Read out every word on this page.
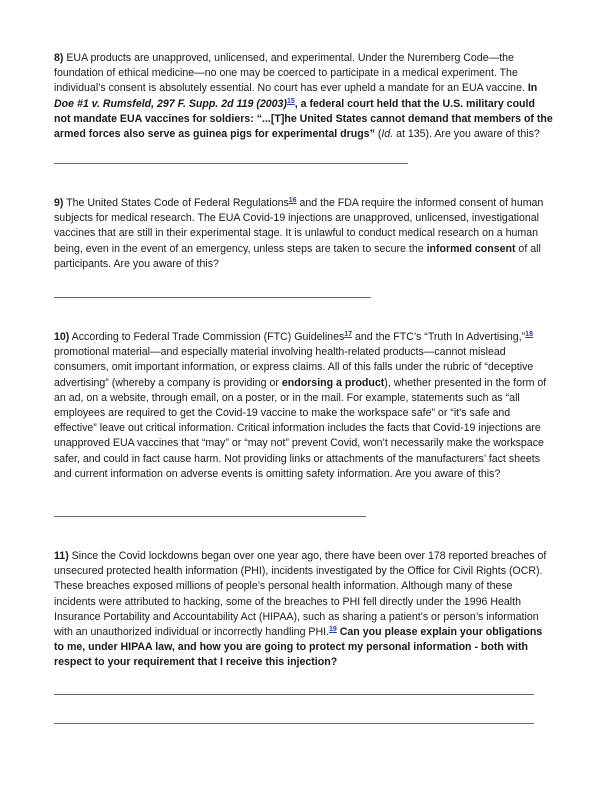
8) EUA products are unapproved, unlicensed, and experimental. Under the Nuremberg Code—the foundation of ethical medicine—no one may be coerced to participate in a medical experiment. The individual’s consent is absolutely essential. No court has ever upheld a mandate for an EUA vaccine. In Doe #1 v. Rumsfeld, 297 F. Supp. 2d 119 (2003)$^{15}$, a federal court held that the U.S. military could not mandate EUA vaccines for soldiers: “...[T]he United States cannot demand that members of the armed forces also serve as guinea pigs for experimental drugs” (Id. at 135). Are you aware of this?

9) The United States Code of Federal Regulations$^{16}$ and the FDA require the informed consent of human subjects for medical research. The EUA Covid-19 injections are unapproved, unlicensed, investigational vaccines that are still in their experimental stage. It is unlawful to conduct medical research on a human being, even in the event of an emergency, unless steps are taken to secure the informed consent of all participants. Are you aware of this?

10) According to Federal Trade Commission (FTC) Guidelines$^{17}$ and the FTC’s “Truth In Advertising,”$^{18}$ promotional material—and especially material involving health-related products—cannot mislead consumers, omit important information, or express claims. All of this falls under the rubric of “deceptive advertising” (whereby a company is providing or endorsing a product), whether presented in the form of an ad, on a website, through email, on a poster, or in the mail. For example, statements such as “all employees are required to get the Covid-19 vaccine to make the workspace safe” or “it’s safe and effective” leave out critical information. Critical information includes the facts that Covid-19 injections are unapproved EUA vaccines that “may” or “may not” prevent Covid, won’t necessarily make the workspace safer, and could in fact cause harm. Not providing links or attachments of the manufacturers’ fact sheets and current information on adverse events is omitting safety information. Are you aware of this?

11) Since the Covid lockdowns began over one year ago, there have been over 178 reported breaches of unsecured protected health information (PHI), incidents investigated by the Office for Civil Rights (OCR). These breaches exposed millions of people’s personal health information. Although many of these incidents were attributed to hacking, some of the breaches to PHI fell directly under the 1996 Health Insurance Portability and Accountability Act (HIPAA), such as sharing a patient’s or person’s information with an unauthorized individual or incorrectly handling PHI.$^{19}$ Can you please explain your obligations to me, under HIPAA law, and how you are going to protect my personal information - both with respect to your requirement that I receive this injection?
